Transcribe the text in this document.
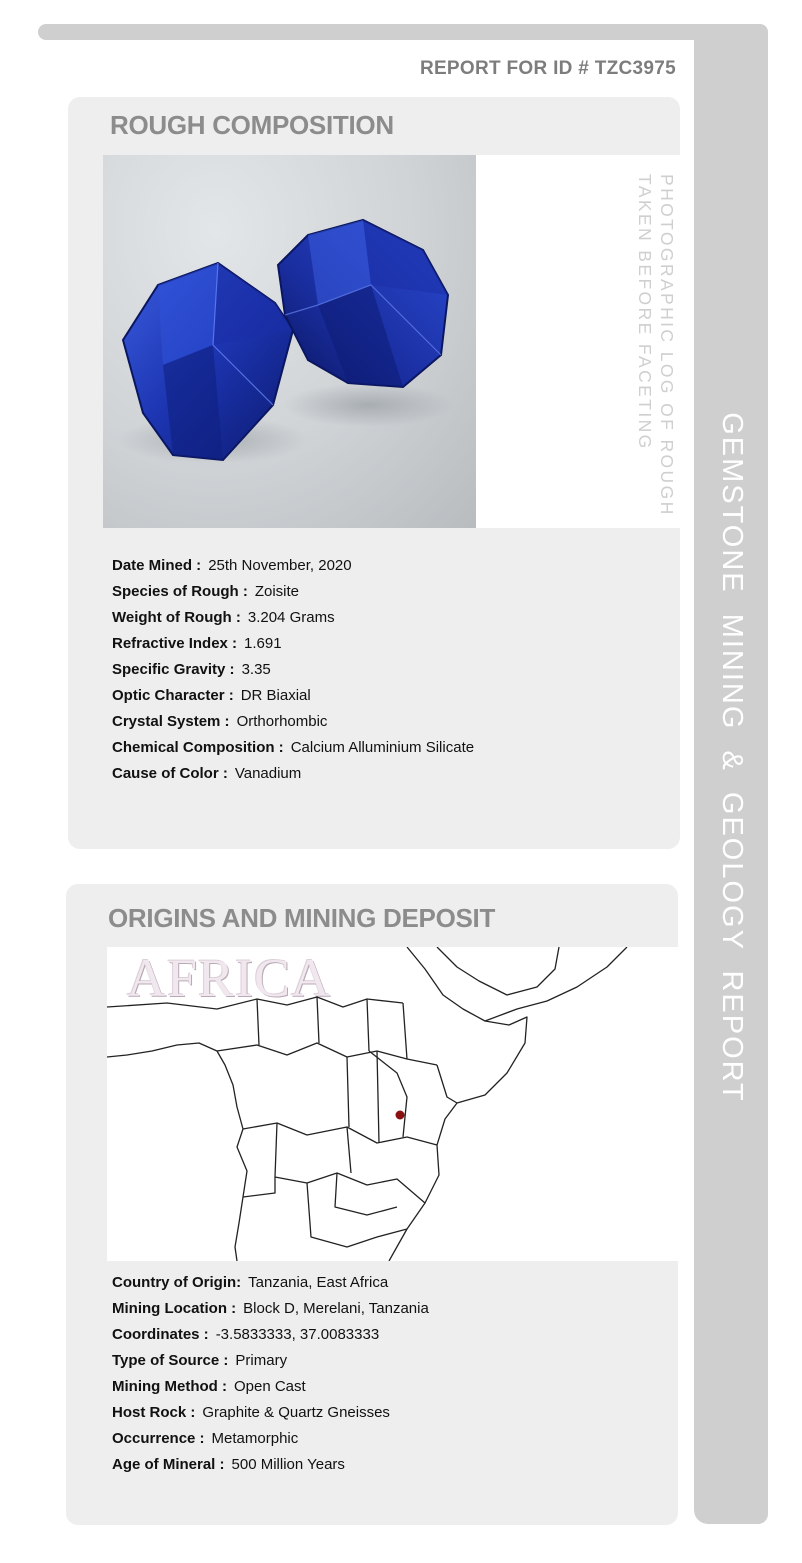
GEMSTONE MINING & GEOLOGY REPORT
REPORT FOR ID # TZC3975
ROUGH COMPOSITION
PHOTOGRAPHIC LOG OF ROUGH
TAKEN BEFORE FACETING
Date Mined : 25th November, 2020
Species of Rough : Zoisite
Weight of Rough : 3.204 Grams
Refractive Index : 1.691
Specific Gravity : 3.35
Optic Character : DR Biaxial
Crystal System : Orthorhombic
Chemical Composition : Calcium Alluminium Silicate
Cause of Color : Vanadium
ORIGINS AND MINING DEPOSIT
AFRICA
Country of Origin: Tanzania, East Africa
Mining Location : Block D, Merelani, Tanzania
Coordinates : -3.5833333, 37.0083333
Type of Source : Primary
Mining Method : Open Cast
Host Rock : Graphite & Quartz Gneisses
Occurrence : Metamorphic
Age of Mineral : 500 Million Years
